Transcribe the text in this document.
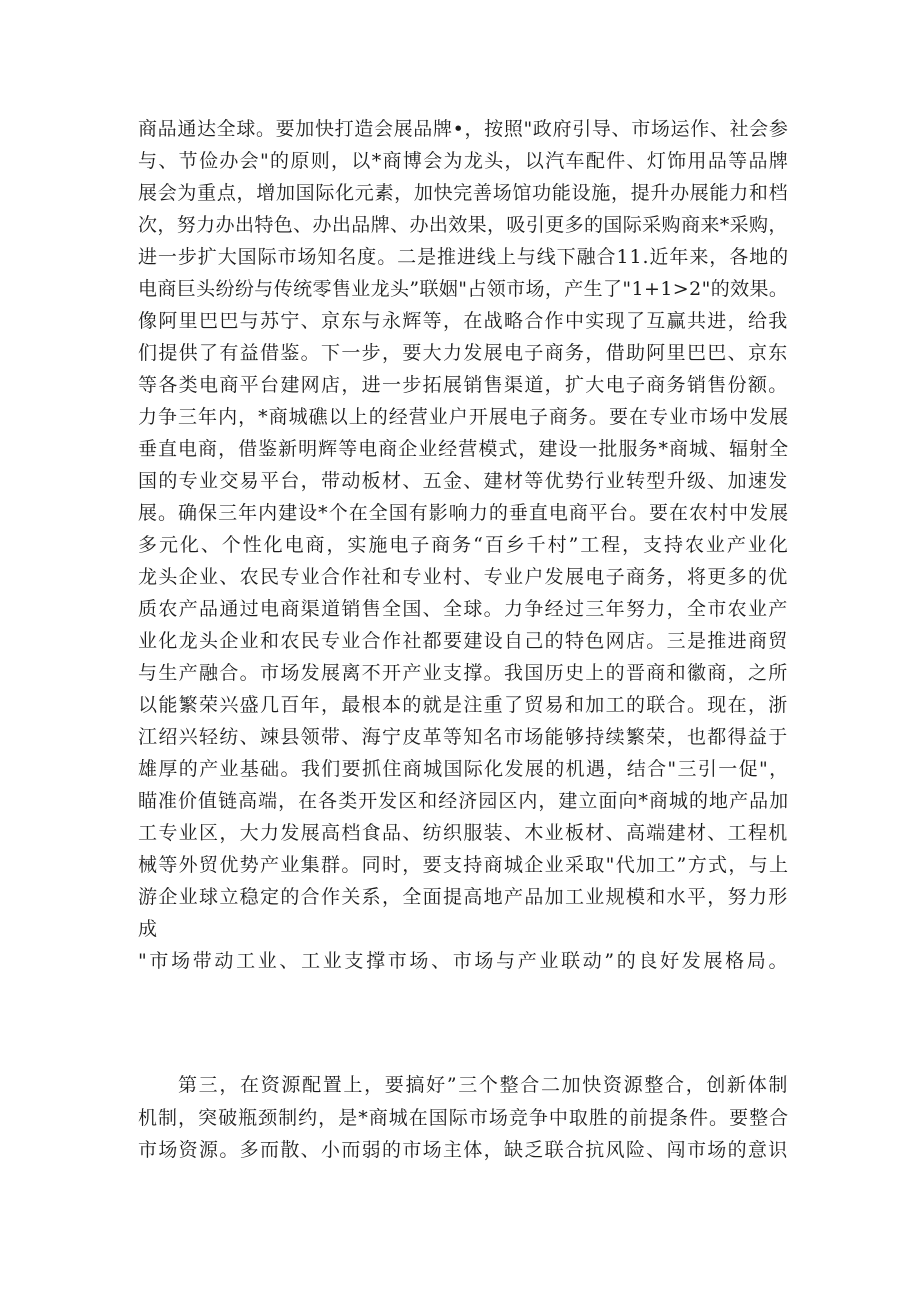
商品通达全球。要加快打造会展品牌•，按照"政府引导、市场运作、社会参
与、节俭办会"的原则，以*商博会为龙头，以汽车配件、灯饰用品等品牌
展会为重点，增加国际化元素，加快完善场馆功能设施，提升办展能力和档
次，努力办出特色、办出品牌、办出效果，吸引更多的国际采购商来*采购，
进一步扩大国际市场知名度。二是推进线上与线下融合11.近年来，各地的
电商巨头纷纷与传统零售业龙头”联姻"占领市场，产生了"1+1>2"的效果。
像阿里巴巴与苏宁、京东与永辉等，在战略合作中实现了互赢共进，给我
们提供了有益借鉴。下一步，要大力发展电子商务，借助阿里巴巴、京东
等各类电商平台建网店，进一步拓展销售渠道，扩大电子商务销售份额。
力争三年内，*商城礁以上的经营业户开展电子商务。要在专业市场中发展
垂直电商，借鉴新明辉等电商企业经营模式，建设一批服务*商城、辐射全
国的专业交易平台，带动板材、五金、建材等优势行业转型升级、加速发
展。确保三年内建设*个在全国有影响力的垂直电商平台。要在农村中发展
多元化、个性化电商，实施电子商务“百乡千村”工程，支持农业产业化
龙头企业、农民专业合作社和专业村、专业户发展电子商务，将更多的优
质农产品通过电商渠道销售全国、全球。力争经过三年努力，全市农业产
业化龙头企业和农民专业合作社都要建设自己的特色网店。三是推进商贸
与生产融合。市场发展离不开产业支撑。我国历史上的晋商和徽商，之所
以能繁荣兴盛几百年，最根本的就是注重了贸易和加工的联合。现在，浙
江绍兴轻纺、竦县领带、海宁皮革等知名市场能够持续繁荣，也都得益于
雄厚的产业基础。我们要抓住商城国际化发展的机遇，结合"三引一促"，
瞄准价值链高端，在各类开发区和经济园区内，建立面向*商城的地产品加
工专业区，大力发展高档食品、纺织服装、木业板材、高端建材、工程机
械等外贸优势产业集群。同时，要支持商城企业采取"代加工”方式，与上
游企业球立稳定的合作关系，全面提高地产品加工业规模和水平，努力形
成
"市场带动工业、工业支撑市场、市场与产业联动”的良好发展格局。
第三，在资源配置上，要搞好”三个整合二加快资源整合，创新体制
机制，突破瓶颈制约，是*商城在国际市场竞争中取胜的前提条件。要整合
市场资源。多而散、小而弱的市场主体，缺乏联合抗风险、闯市场的意识
